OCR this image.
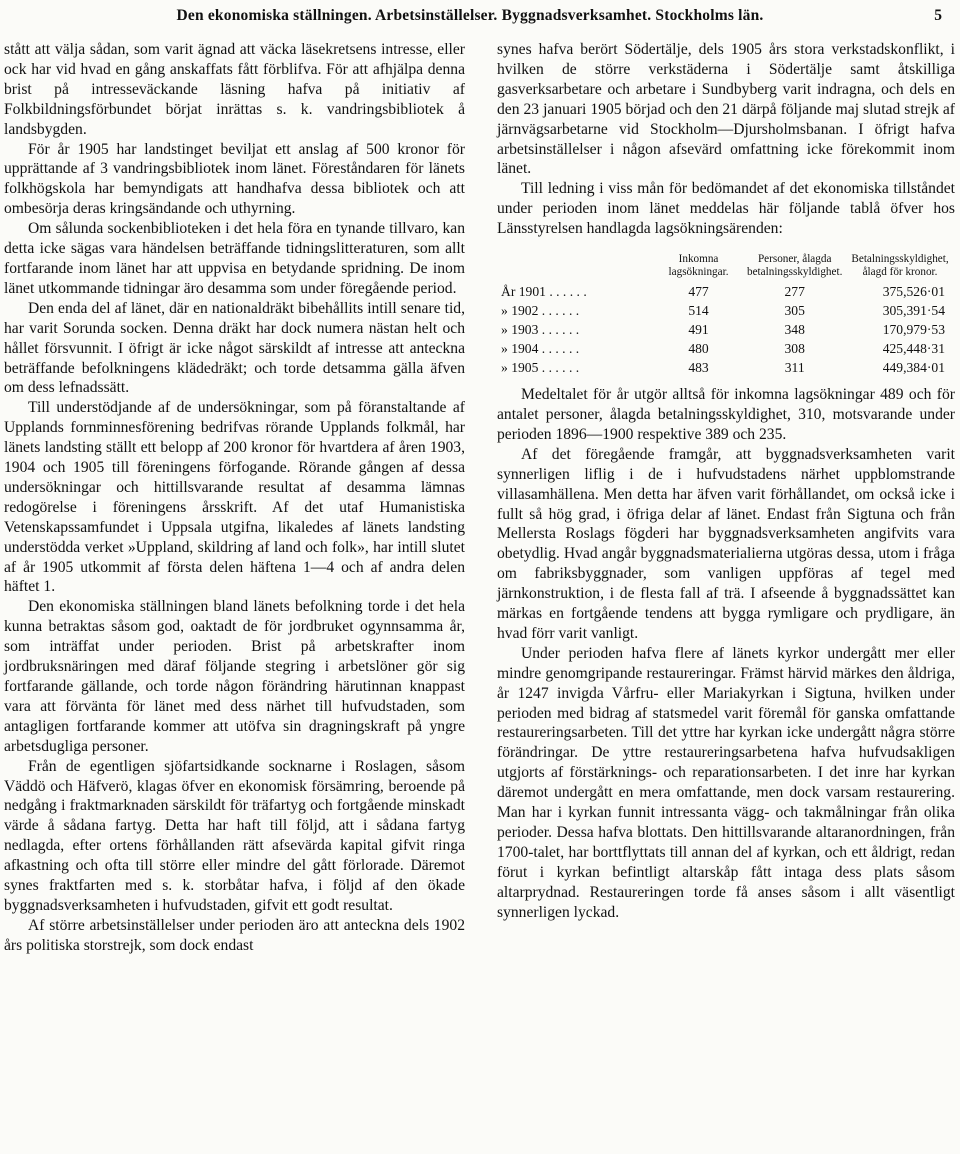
Den ekonomiska ställningen. Arbetsinställelser. Byggnadsverksamhet. Stockholms län.	5

stått att välja sådan, som varit ägnad att väcka läsekretsens intresse, eller ock har vid hvad en gång anskaffats fått förblifva. För att afhjälpa denna brist på intresseväckande läsning hafva på initiativ af Folkbildningsförbundet börjat inrättas s. k. vandringsbibliotek å landsbygden.

För år 1905 har landstinget beviljat ett anslag af 500 kronor för upprättande af 3 vandringsbibliotek inom länet. Föreståndaren för länets folkhögskola har bemyndigats att handhafva dessa bibliotek och att ombesörja deras kringsändande och uthyrning.

Om sålunda sockenbiblioteken i det hela föra en tynande tillvaro, kan detta icke sägas vara händelsen beträffande tidningslitteraturen, som allt fortfarande inom länet har att uppvisa en betydande spridning. De inom länet utkommande tidningar äro desamma som under föregående period.

Den enda del af länet, där en nationaldräkt bibehållits intill senare tid, har varit Sorunda socken. Denna dräkt har dock numera nästan helt och hållet försvunnit. I öfrigt är icke något särskildt af intresse att anteckna beträffande befolkningens klädedräkt; och torde detsamma gälla äfven om dess lefnadssätt.

Till understödjande af de undersökningar, som på föranstaltande af Upplands fornminnesförening bedrifvas rörande Upplands folkmål, har länets landsting ställt ett belopp af 200 kronor för hvartdera af åren 1903, 1904 och 1905 till föreningens förfogande. Rörande gången af dessa undersökningar och hittillsvarande resultat af desamma lämnas redogörelse i föreningens årsskrift. Af det utaf Humanistiska Vetenskapssamfundet i Uppsala utgifna, likaledes af länets landsting understödda verket »Uppland, skildring af land och folk», har intill slutet af år 1905 utkommit af första delen häftena 1—4 och af andra delen häftet 1.

Den ekonomiska ställningen bland länets befolkning torde i det hela kunna betraktas såsom god, oaktadt de för jordbruket ogynnsamma år, som inträffat under perioden. Brist på arbetskrafter inom jordbruksnäringen med däraf följande stegring i arbetslöner gör sig fortfarande gällande, och torde någon förändring härutinnan knappast vara att förvänta för länet med dess närhet till hufvudstaden, som antagligen fortfarande kommer att utöfva sin dragningskraft på yngre arbetsdugliga personer.

Från de egentligen sjöfartsidkande socknarne i Roslagen, såsom Väddö och Häfverö, klagas öfver en ekonomisk försämring, beroende på nedgång i fraktmarknaden särskildt för träfartyg och fortgående minskadt värde å sådana fartyg. Detta har haft till följd, att i sådana fartyg nedlagda, efter ortens förhållanden rätt afsevärda kapital gifvit ringa afkastning och ofta till större eller mindre del gått förlorade. Däremot synes fraktfarten med s. k. storbåtar hafva, i följd af den ökade byggnadsverksamheten i hufvudstaden, gifvit ett godt resultat.

Af större arbetsinställelser under perioden äro att anteckna dels 1902 års politiska storstrejk, som dock endast

synes hafva berört Södertälje, dels 1905 års stora verkstadskonflikt, i hvilken de större verkstäderna i Södertälje samt åtskilliga gasverksarbetare och arbetare i Sundbyberg varit indragna, och dels en den 23 januari 1905 börjad och den 21 därpå följande maj slutad strejk af järnvägsarbetarne vid Stockholm—Djursholmsbanan. I öfrigt hafva arbetsinställelser i någon afsevärd omfattning icke förekommit inom länet.

Till ledning i viss mån för bedömandet af det ekonomiska tillståndet under perioden inom länet meddelas här följande tablå öfver hos Länsstyrelsen handlagda lagsökningsärenden:

	Inkomna lagsökningar.	Personer, ålagda betalningsskyldighet.	Betalningsskyldighet, ålagd för kronor.
År 1901 . . . . . .	477	277	375,526·01
» 1902 . . . . . .	514	305	305,391·54
» 1903 . . . . . .	491	348	170,979·53
» 1904 . . . . . .	480	308	425,448·31
» 1905 . . . . . .	483	311	449,384·01

Medeltalet för år utgör alltså för inkomna lagsökningar 489 och för antalet personer, ålagda betalningsskyldighet, 310, motsvarande under perioden 1896—1900 respektive 389 och 235.

Af det föregående framgår, att byggnadsverksamheten varit synnerligen liflig i de i hufvudstadens närhet uppblomstrande villasamhällena. Men detta har äfven varit förhållandet, om också icke i fullt så hög grad, i öfriga delar af länet. Endast från Sigtuna och från Mellersta Roslags fögderi har byggnadsverksamheten angifvits vara obetydlig. Hvad angår byggnadsmaterialierna utgöras dessa, utom i fråga om fabriksbyggnader, som vanligen uppföras af tegel med järnkonstruktion, i de flesta fall af trä. I afseende å byggnadssättet kan märkas en fortgående tendens att bygga rymligare och prydligare, än hvad förr varit vanligt.

Under perioden hafva flere af länets kyrkor undergått mer eller mindre genomgripande restaureringar. Främst härvid märkes den åldriga, år 1247 invigda Vårfru- eller Mariakyrkan i Sigtuna, hvilken under perioden med bidrag af statsmedel varit föremål för ganska omfattande restaureringsarbeten. Till det yttre har kyrkan icke undergått några större förändringar. De yttre restaureringsarbetena hafva hufvudsakligen utgjorts af förstärknings- och reparationsarbeten. I det inre har kyrkan däremot undergått en mera omfattande, men dock varsam restaurering. Man har i kyrkan funnit intressanta vägg- och takmålningar från olika perioder. Dessa hafva blottats. Den hittillsvarande altaranordningen, från 1700-talet, har borttflyttats till annan del af kyrkan, och ett åldrigt, redan förut i kyrkan befintligt altarskåp fått intaga dess plats såsom altarprydnad. Restaureringen torde få anses såsom i allt väsentligt synnerligen lyckad.
